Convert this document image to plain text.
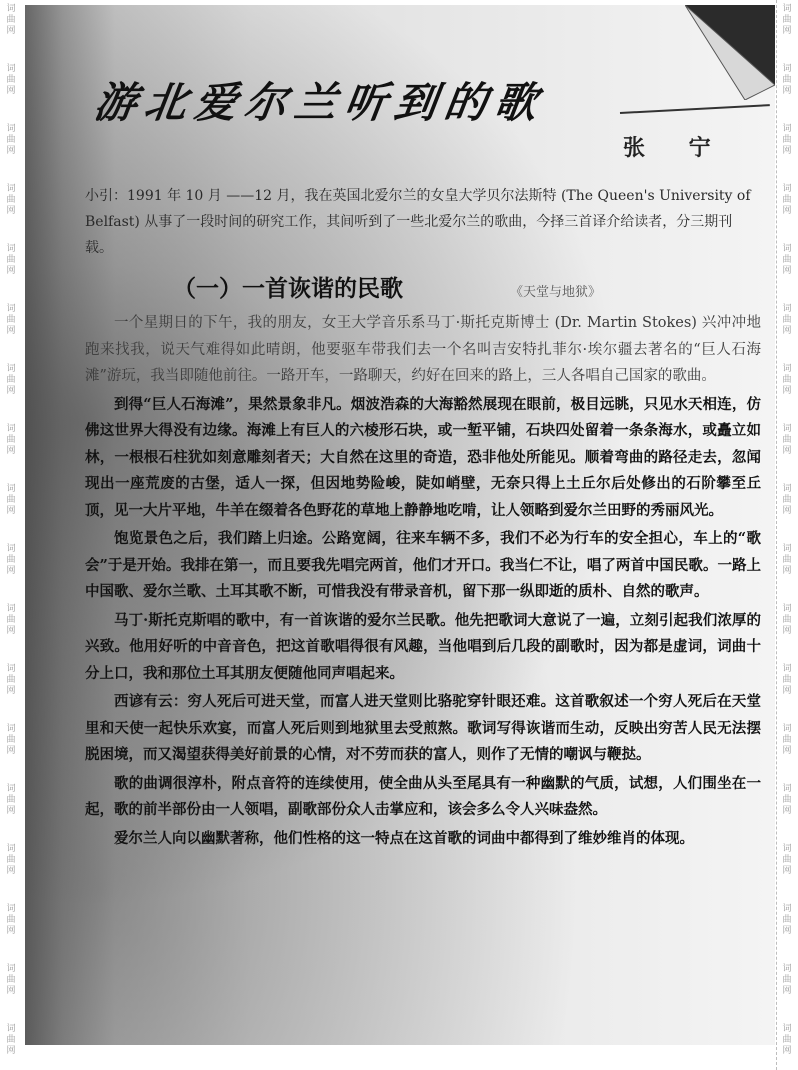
词
曲
网
词
曲
网
词
曲
网
词
曲
网
词
曲
网
词
曲
网
词
曲
网
词
曲
网
词
曲
网
词
曲
网
词
曲
网
词
曲
网
词
曲
网
词
曲
网
词
曲
网
词
曲
网
词
曲
网
词
曲
网
词
曲
网
词
曲
网
词
曲
网
词
曲
网
词
曲
网
词
曲
网
词
曲
网
词
曲
网
词
曲
网
词
曲
网
词
曲
网
词
曲
网
词
曲
网
词
曲
网
词
曲
网
词
曲
网
词
曲
网
词
曲
网
游北爱尔兰听到的歌
张 宁
小引：1991 年 10 月 ——12 月，我在英国北爱尔兰的女皇大学贝尔法斯特 (The Queen's University of Belfast) 从事了一段时间的研究工作，其间听到了一些北爱尔兰的歌曲，今择三首译介给读者，分三期刊载。
（一）一首诙谐的民歌	《天堂与地狱》

一个星期日的下午，我的朋友，女王大学音乐系马丁·斯托克斯博士 (Dr. Martin Stokes) 兴冲冲地跑来找我，说天气难得如此晴朗，他要驱车带我们去一个名叫吉安特扎菲尔·埃尔疆去著名的“巨人石海滩”游玩，我当即随他前往。一路开车，一路聊天，约好在回来的路上，三人各唱自己国家的歌曲。

到得“巨人石海滩”，果然景象非凡。烟波浩森的大海豁然展现在眼前，极目远眺，只见水天相连，仿佛这世界大得没有边缘。海滩上有巨人的六棱形石块，或一堑平铺，石块四处留着一条条海水，或矗立如林，一根根石柱犹如刻意雕刻者天；大自然在这里的奇造，恐非他处所能见。顺着弯曲的路径走去，忽闻现出一座荒废的古堡，适人一探，但因地势险峻，陡如峭壁，无奈只得上土丘尔后处修出的石阶攀至丘顶，见一大片平地，牛羊在缀着各色野花的草地上静静地吃啃，让人领略到爱尔兰田野的秀丽风光。

饱览景色之后，我们踏上归途。公路宽阔，往来车辆不多，我们不必为行车的安全担心，车上的“歌会”于是开始。我排在第一，而且要我先唱完两首，他们才开口。我当仁不让，唱了两首中国民歌。一路上中国歌、爱尔兰歌、土耳其歌不断，可惜我没有带录音机，留下那一纵即逝的质朴、自然的歌声。

马丁·斯托克斯唱的歌中，有一首诙谐的爱尔兰民歌。他先把歌词大意说了一遍，立刻引起我们浓厚的兴致。他用好听的中音音色，把这首歌唱得很有风趣，当他唱到后几段的副歌时，因为都是虚词，词曲十分上口，我和那位土耳其朋友便随他同声唱起来。

西谚有云：穷人死后可进天堂，而富人进天堂则比骆驼穿针眼还难。这首歌叙述一个穷人死后在天堂里和天使一起快乐欢宴，而富人死后则到地狱里去受煎熬。歌词写得诙谐而生动，反映出穷苦人民无法摆脱困境，而又渴望获得美好前景的心情，对不劳而获的富人，则作了无情的嘲讽与鞭挞。

歌的曲调很淳朴，附点音符的连续使用，使全曲从头至尾具有一种幽默的气质，试想，人们围坐在一起，歌的前半部份由一人领唱，副歌部份众人击掌应和，该会多么令人兴味盎然。

爱尔兰人向以幽默著称，他们性格的这一特点在这首歌的词曲中都得到了维妙维肖的体现。
